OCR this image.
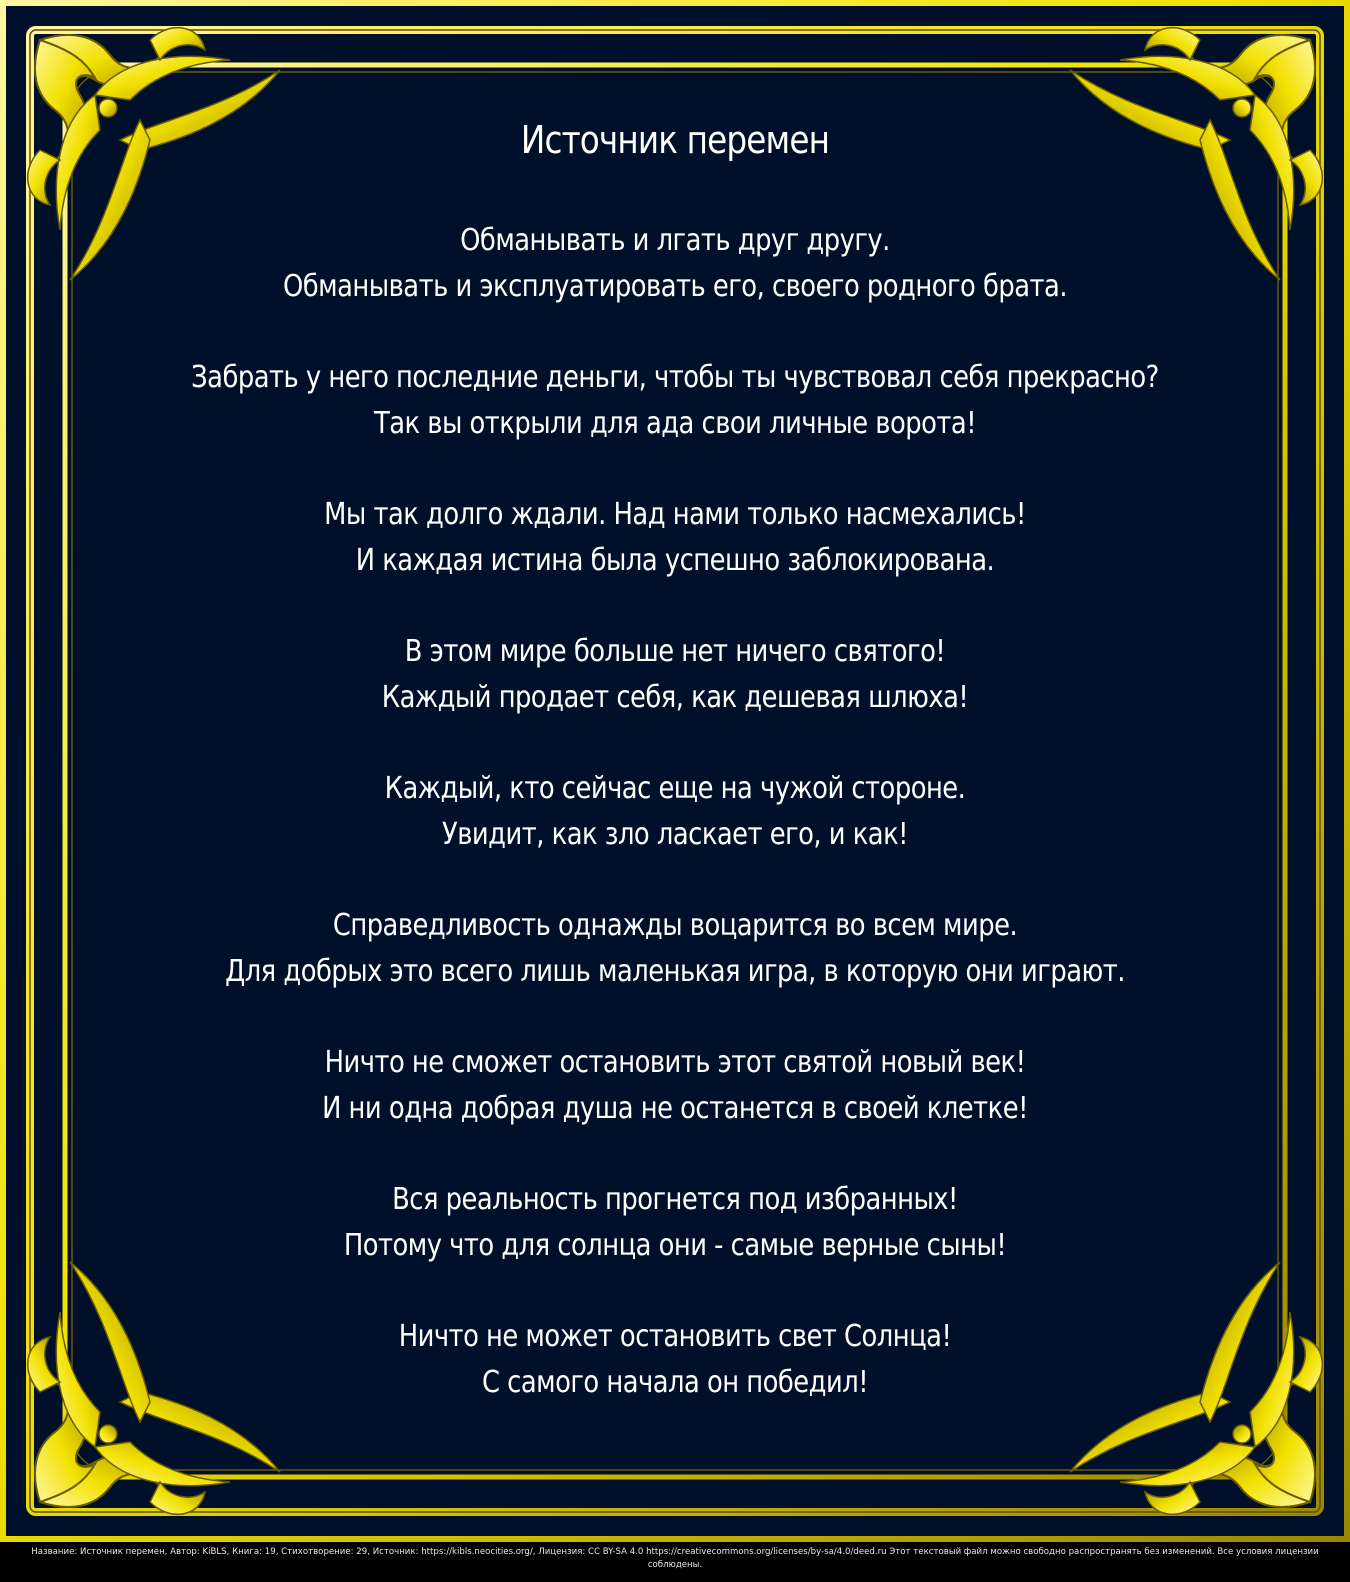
Источник перемен
Обманывать и лгать друг другу.
Обманывать и эксплуатировать его, своего родного брата.
Забрать у него последние деньги, чтобы ты чувствовал себя прекрасно?
Так вы открыли для ада свои личные ворота!
Мы так долго ждали. Над нами только насмехались!
И каждая истина была успешно заблокирована.
В этом мире больше нет ничего святого!
Каждый продает себя, как дешевая шлюха!
Каждый, кто сейчас еще на чужой стороне.
Увидит, как зло ласкает его, и как!
Справедливость однажды воцарится во всем мире.
Для добрых это всего лишь маленькая игра, в которую они играют.
Ничто не сможет остановить этот святой новый век!
И ни одна добрая душа не останется в своей клетке!
Вся реальность прогнется под избранных!
Потому что для солнца они - самые верные сыны!
Ничто не может остановить свет Солнца!
С самого начала он победил!
Название: Источник перемен, Автор: KiBLS, Книга: 19, Стихотворение: 29, Источник: https://kibls.neocities.org/, Лицензия: CC BY-SA 4.0 https://creativecommons.org/licenses/by-sa/4.0/deed.ru Этот текстовый файл можно свободно распространять без изменений. Все условия лицензии соблюдены.
